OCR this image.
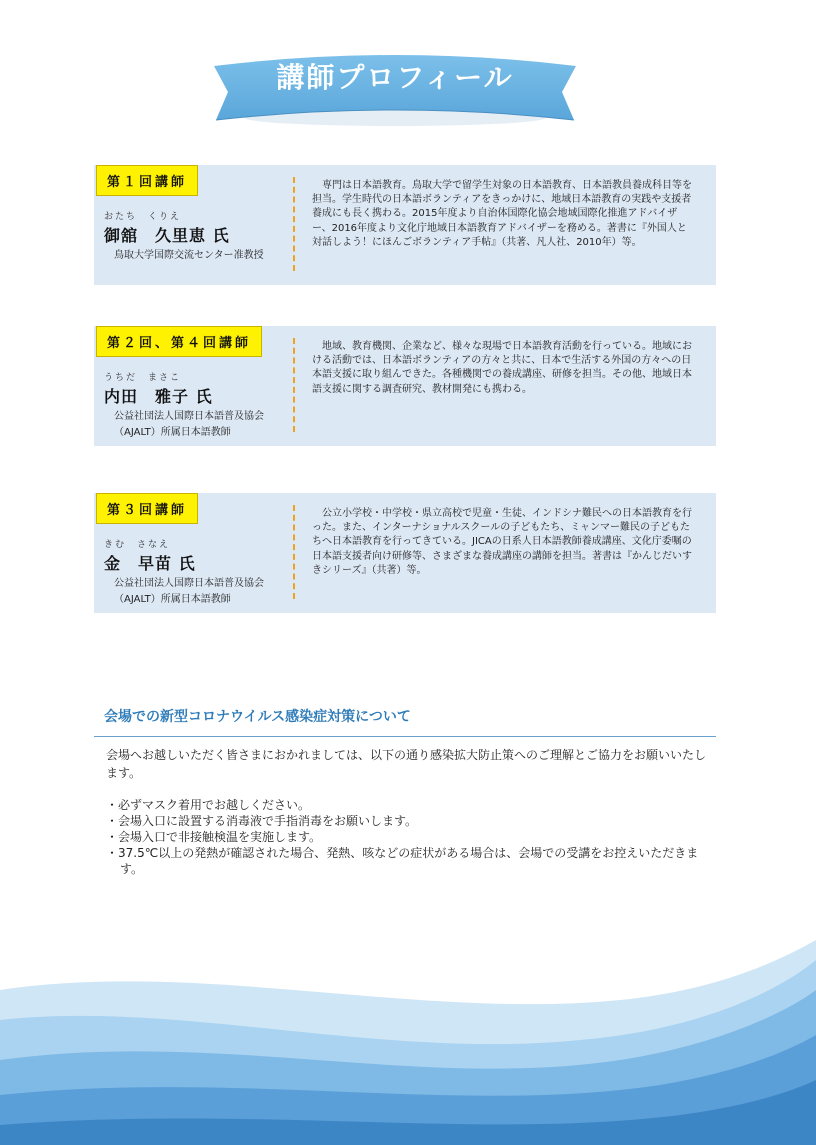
講師プロフィール
第１回講師
おたち　くりえ
御舘　久里恵 氏
鳥取大学国際交流センター准教授

専門は日本語教育。鳥取大学で留学生対象の日本語教育、日本語教員養成科目等を担当。学生時代の日本語ボランティアをきっかけに、地域日本語教育の実践や支援者養成にも長く携わる。2015年度より自治体国際化協会地域国際化推進アドバイザー、2016年度より文化庁地域日本語教育アドバイザーを務める。著書に『外国人と対話しよう！にほんごボランティア手帖』（共著、凡人社、2010年）等。

第２回、第４回講師
うちだ　まさこ
内田　雅子 氏
公益社団法人国際日本語普及協会
（AJALT）所属日本語教師

地域、教育機関、企業など、様々な現場で日本語教育活動を行っている。地域における活動では、日本語ボランティアの方々と共に、日本で生活する外国の方々への日本語支援に取り組んできた。各種機関での養成講座、研修を担当。その他、地域日本語支援に関する調査研究、教材開発にも携わる。

第３回講師
きむ　さなえ
金　早苗 氏
公益社団法人国際日本語普及協会
（AJALT）所属日本語教師

公立小学校・中学校・県立高校で児童・生徒、インドシナ難民への日本語教育を行った。また、インターナショナルスクールの子どもたち、ミャンマー難民の子どもたちへ日本語教育を行ってきている。JICAの日系人日本語教師養成講座、文化庁委嘱の日本語支援者向け研修等、さまざまな養成講座の講師を担当。著書は『かんじだいすきシリーズ』（共著）等。

会場での新型コロナウイルス感染症対策について

会場へお越しいただく皆さまにおかれましては、以下の通り感染拡大防止策へのご理解とご協力をお願いいたします。

・必ずマスク着用でお越しください。
・会場入口に設置する消毒液で手指消毒をお願いします。
・会場入口で非接触検温を実施します。
・37.5℃以上の発熱が確認された場合、発熱、咳などの症状がある場合は、会場での受講をお控えいただきます。
